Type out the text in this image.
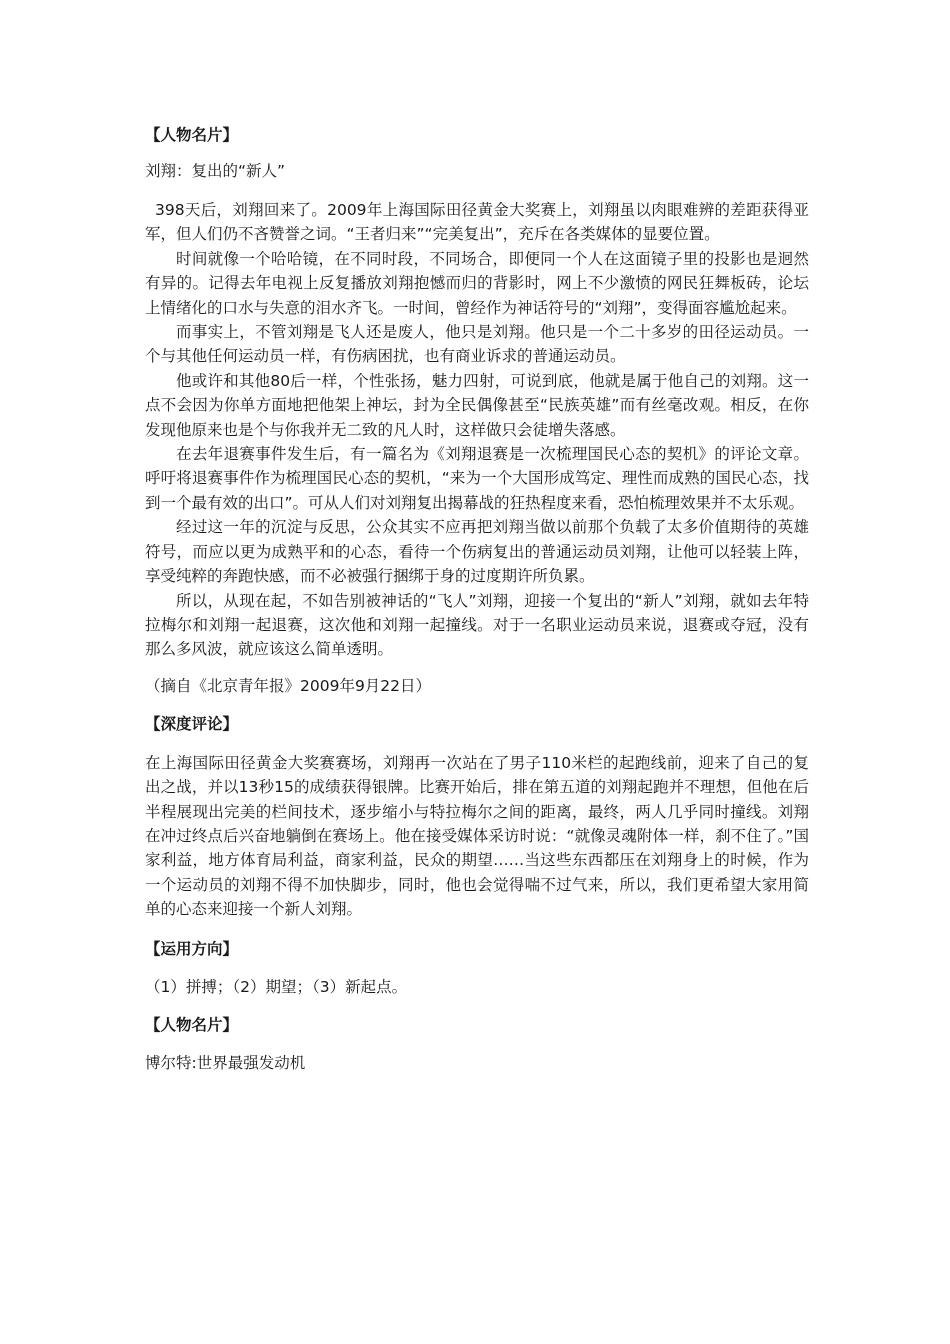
【人物名片】

刘翔：复出的“新人”

398天后，刘翔回来了。2009年上海国际田径黄金大奖赛上，刘翔虽以肉眼难辨的差距获得亚军，但人们仍不吝赞誉之词。“王者归来”“完美复出”，充斥在各类媒体的显要位置。

时间就像一个哈哈镜，在不同时段，不同场合，即便同一个人在这面镜子里的投影也是迥然有异的。记得去年电视上反复播放刘翔抱憾而归的背影时，网上不少激愤的网民狂舞板砖，论坛上情绪化的口水与失意的泪水齐飞。一时间，曾经作为神话符号的“刘翔”，变得面容尴尬起来。

而事实上，不管刘翔是飞人还是废人，他只是刘翔。他只是一个二十多岁的田径运动员。一个与其他任何运动员一样，有伤病困扰，也有商业诉求的普通运动员。

他或许和其他80后一样，个性张扬，魅力四射，可说到底，他就是属于他自己的刘翔。这一点不会因为你单方面地把他架上神坛，封为全民偶像甚至“民族英雄”而有丝毫改观。相反，在你发现他原来也是个与你我并无二致的凡人时，这样做只会徒增失落感。

在去年退赛事件发生后，有一篇名为《刘翔退赛是一次梳理国民心态的契机》的评论文章。呼吁将退赛事件作为梳理国民心态的契机，“来为一个大国形成笃定、理性而成熟的国民心态，找到一个最有效的出口”。可从人们对刘翔复出揭幕战的狂热程度来看，恐怕梳理效果并不太乐观。

经过这一年的沉淀与反思，公众其实不应再把刘翔当做以前那个负载了太多价值期待的英雄符号，而应以更为成熟平和的心态，看待一个伤病复出的普通运动员刘翔，让他可以轻装上阵，享受纯粹的奔跑快感，而不必被强行捆绑于身的过度期许所负累。

所以，从现在起，不如告别被神话的“飞人”刘翔，迎接一个复出的“新人”刘翔，就如去年特拉梅尔和刘翔一起退赛，这次他和刘翔一起撞线。对于一名职业运动员来说，退赛或夺冠，没有那么多风波，就应该这么简单透明。

（摘自《北京青年报》2009年9月22日）

【深度评论】

在上海国际田径黄金大奖赛赛场，刘翔再一次站在了男子110米栏的起跑线前，迎来了自己的复出之战，并以13秒15的成绩获得银牌。比赛开始后，排在第五道的刘翔起跑并不理想，但他在后半程展现出完美的栏间技术，逐步缩小与特拉梅尔之间的距离，最终，两人几乎同时撞线。刘翔在冲过终点后兴奋地躺倒在赛场上。他在接受媒体采访时说：“就像灵魂附体一样，刹不住了。”国家利益，地方体育局利益，商家利益，民众的期望……当这些东西都压在刘翔身上的时候，作为一个运动员的刘翔不得不加快脚步，同时，他也会觉得喘不过气来，所以，我们更希望大家用简单的心态来迎接一个新人刘翔。

【运用方向】

（1）拼搏；（2）期望；（3）新起点。

【人物名片】

博尔特:世界最强发动机
